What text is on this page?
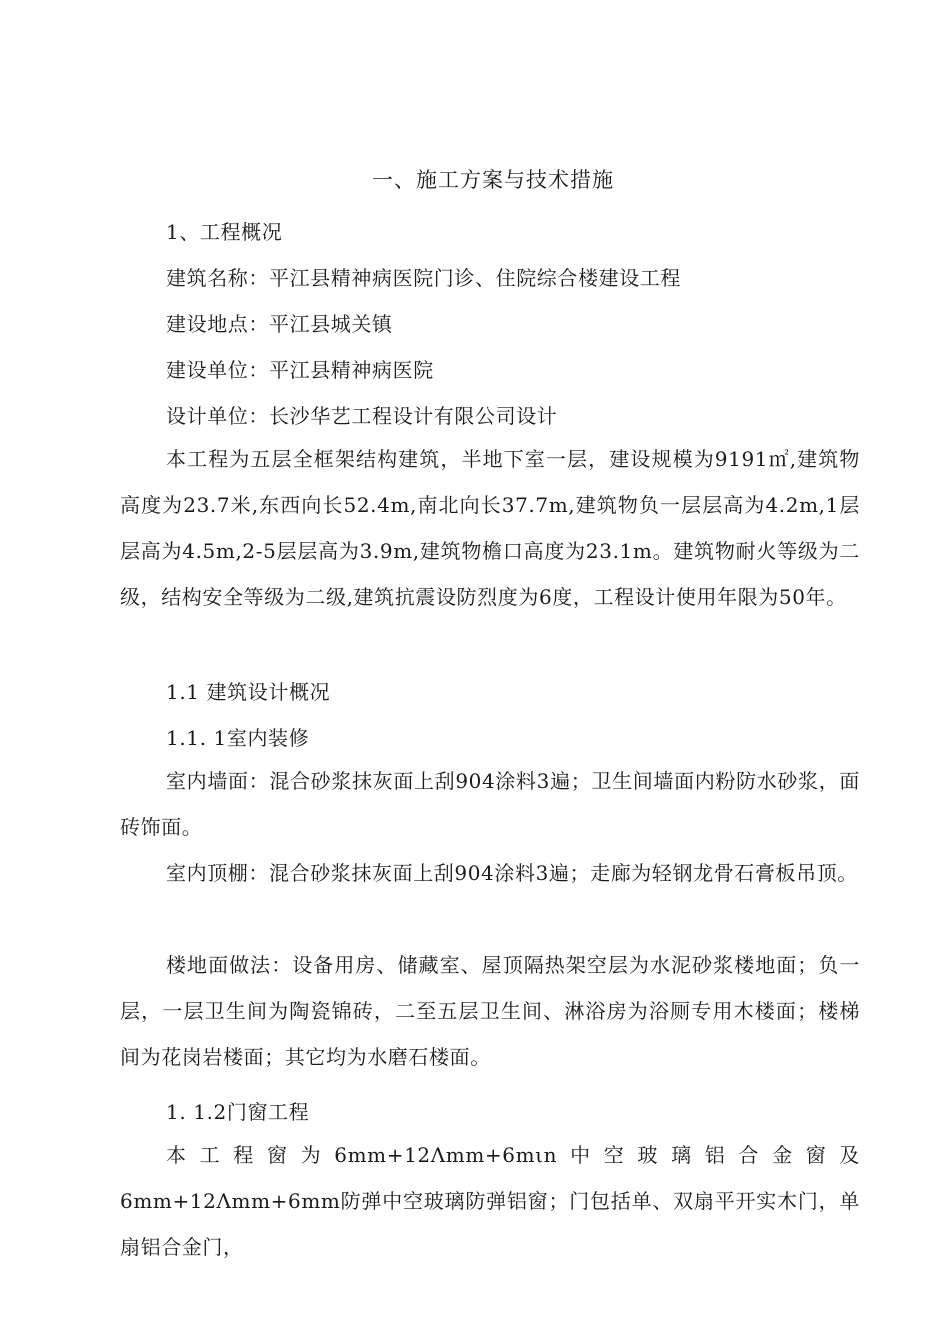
一、施工方案与技术措施
1、工程概况
建筑名称：平江县精神病医院门诊、住院综合楼建设工程
建设地点：平江县城关镇
建设单位：平江县精神病医院
设计单位：长沙华艺工程设计有限公司设计
本工程为五层全框架结构建筑，半地下室一层，建设规模为9191㎡,建筑物高度为23.7米,东西向长52.4m,南北向长37.7m,建筑物负一层层高为4.2m,1层层高为4.5m,2-5层层高为3.9m,建筑物檐口高度为23.1m。建筑物耐火等级为二级，结构安全等级为二级,建筑抗震设防烈度为6度，工程设计使用年限为50年。
1.1 建筑设计概况
1.1. 1室内装修
室内墙面：混合砂浆抹灰面上刮904涂料3遍；卫生间墙面内粉防水砂浆，面砖饰面。
室内顶棚：混合砂浆抹灰面上刮904涂料3遍；走廊为轻钢龙骨石膏板吊顶。
楼地面做法：设备用房、储藏室、屋顶隔热架空层为水泥砂浆楼地面；负一层，一层卫生间为陶瓷锦砖，二至五层卫生间、淋浴房为浴厕专用木楼面；楼梯间为花岗岩楼面；其它均为水磨石楼面。
1. 1.2门窗工程
本工程窗为6mm+12Λmm+6mιn中空玻璃铝合金窗及6mm+12Λmm+6mm防弹中空玻璃防弹铝窗；门包括单、双扇平开实木门，单扇铝合金门，
